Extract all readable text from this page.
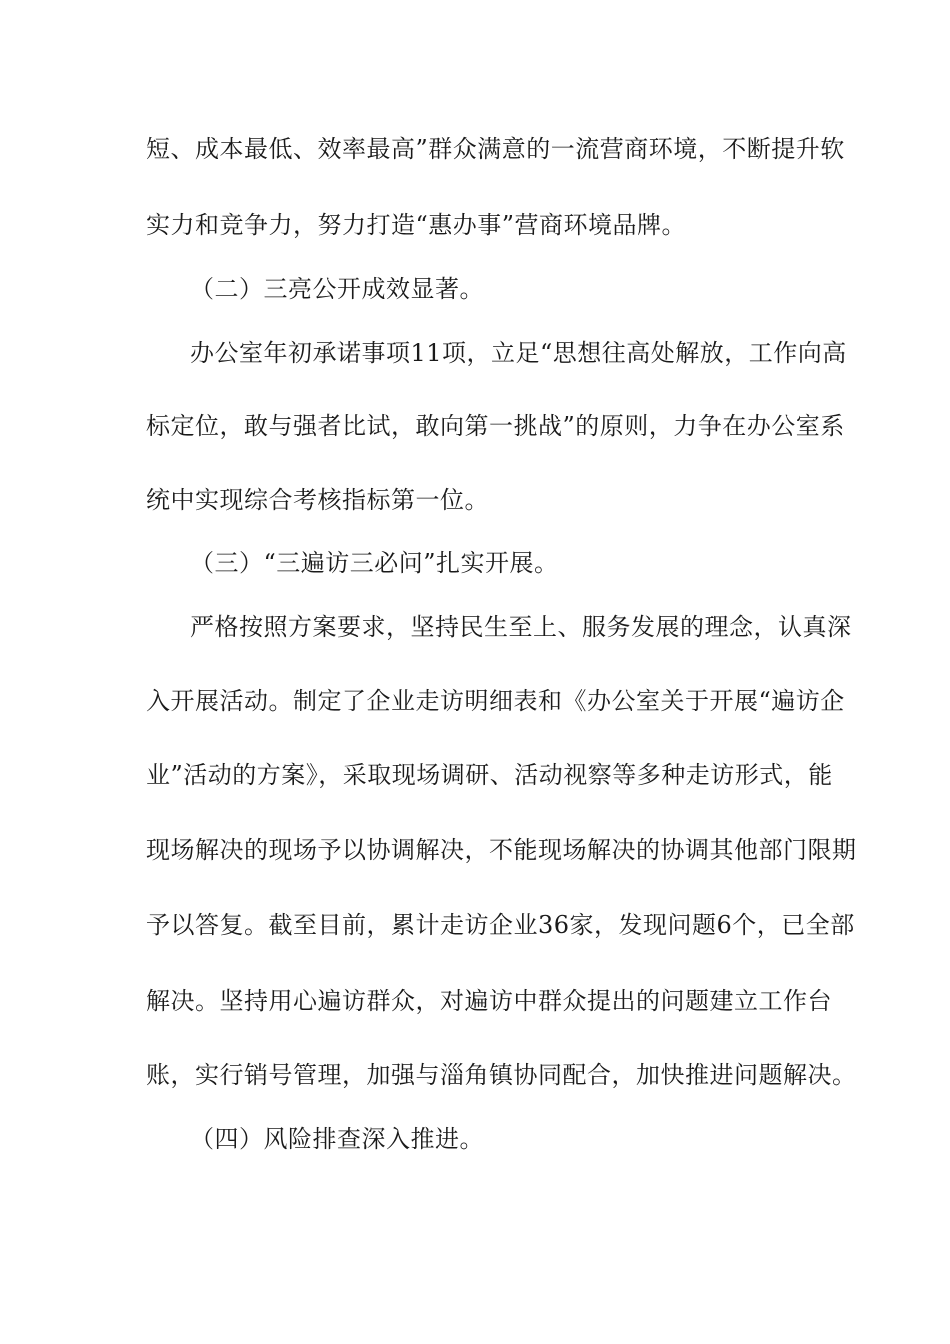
短、成本最低、效率最高”群众满意的一流营商环境，不断提升软
实力和竞争力，努力打造“惠办事”营商环境品牌。
（二）三亮公开成效显著。
办公室年初承诺事项11项，立足“思想往高处解放，工作向高
标定位，敢与强者比试，敢向第一挑战”的原则，力争在办公室系
统中实现综合考核指标第一位。
（三）“三遍访三必问”扎实开展。
严格按照方案要求，坚持民生至上、服务发展的理念，认真深
入开展活动。制定了企业走访明细表和《办公室关于开展“遍访企
业”活动的方案》，采取现场调研、活动视察等多种走访形式，能
现场解决的现场予以协调解决，不能现场解决的协调其他部门限期
予以答复。截至目前，累计走访企业36家，发现问题6个，已全部
解决。坚持用心遍访群众，对遍访中群众提出的问题建立工作台
账，实行销号管理，加强与淄角镇协同配合，加快推进问题解决。
（四）风险排查深入推进。
